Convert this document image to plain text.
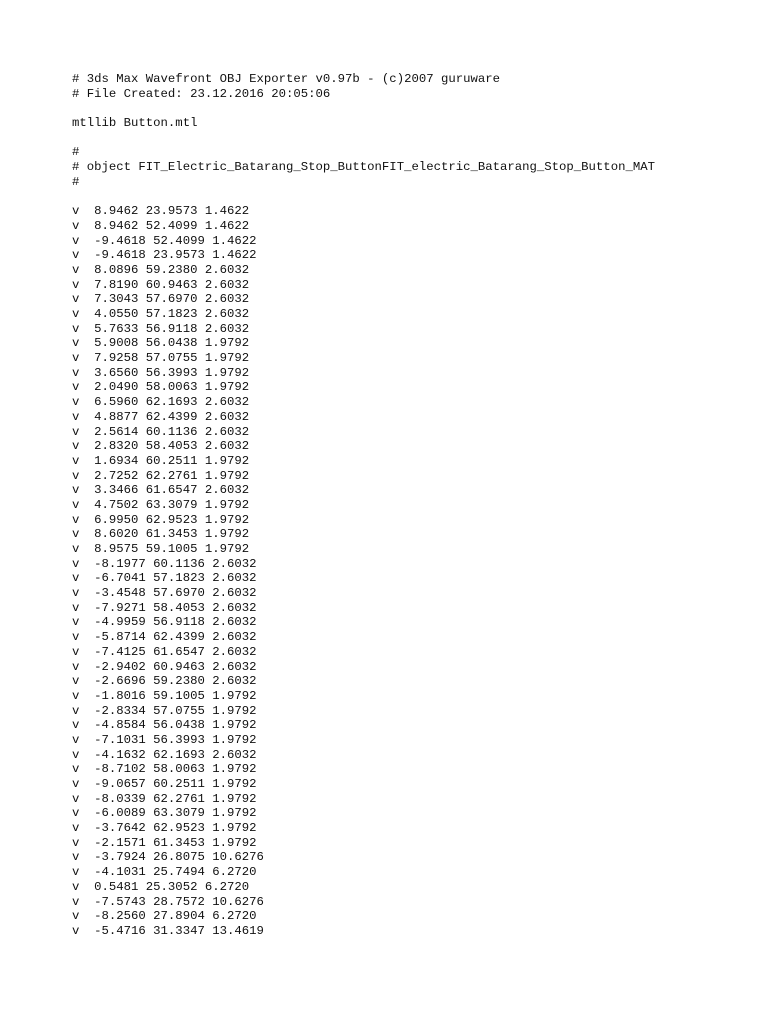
# 3ds Max Wavefront OBJ Exporter v0.97b - (c)2007 guruware
# File Created: 23.12.2016 20:05:06
mtllib Button.mtl
#
# object FIT_Electric_Batarang_Stop_ButtonFIT_electric_Batarang_Stop_Button_MAT
#
v  8.9462 23.9573 1.4622
v  8.9462 52.4099 1.4622
v  -9.4618 52.4099 1.4622
v  -9.4618 23.9573 1.4622
v  8.0896 59.2380 2.6032
v  7.8190 60.9463 2.6032
v  7.3043 57.6970 2.6032
v  4.0550 57.1823 2.6032
v  5.7633 56.9118 2.6032
v  5.9008 56.0438 1.9792
v  7.9258 57.0755 1.9792
v  3.6560 56.3993 1.9792
v  2.0490 58.0063 1.9792
v  6.5960 62.1693 2.6032
v  4.8877 62.4399 2.6032
v  2.5614 60.1136 2.6032
v  2.8320 58.4053 2.6032
v  1.6934 60.2511 1.9792
v  2.7252 62.2761 1.9792
v  3.3466 61.6547 2.6032
v  4.7502 63.3079 1.9792
v  6.9950 62.9523 1.9792
v  8.6020 61.3453 1.9792
v  8.9575 59.1005 1.9792
v  -8.1977 60.1136 2.6032
v  -6.7041 57.1823 2.6032
v  -3.4548 57.6970 2.6032
v  -7.9271 58.4053 2.6032
v  -4.9959 56.9118 2.6032
v  -5.8714 62.4399 2.6032
v  -7.4125 61.6547 2.6032
v  -2.9402 60.9463 2.6032
v  -2.6696 59.2380 2.6032
v  -1.8016 59.1005 1.9792
v  -2.8334 57.0755 1.9792
v  -4.8584 56.0438 1.9792
v  -7.1031 56.3993 1.9792
v  -4.1632 62.1693 2.6032
v  -8.7102 58.0063 1.9792
v  -9.0657 60.2511 1.9792
v  -8.0339 62.2761 1.9792
v  -6.0089 63.3079 1.9792
v  -3.7642 62.9523 1.9792
v  -2.1571 61.3453 1.9792
v  -3.7924 26.8075 10.6276
v  -4.1031 25.7494 6.2720
v  0.5481 25.3052 6.2720
v  -7.5743 28.7572 10.6276
v  -8.2560 27.8904 6.2720
v  -5.4716 31.3347 13.4619
